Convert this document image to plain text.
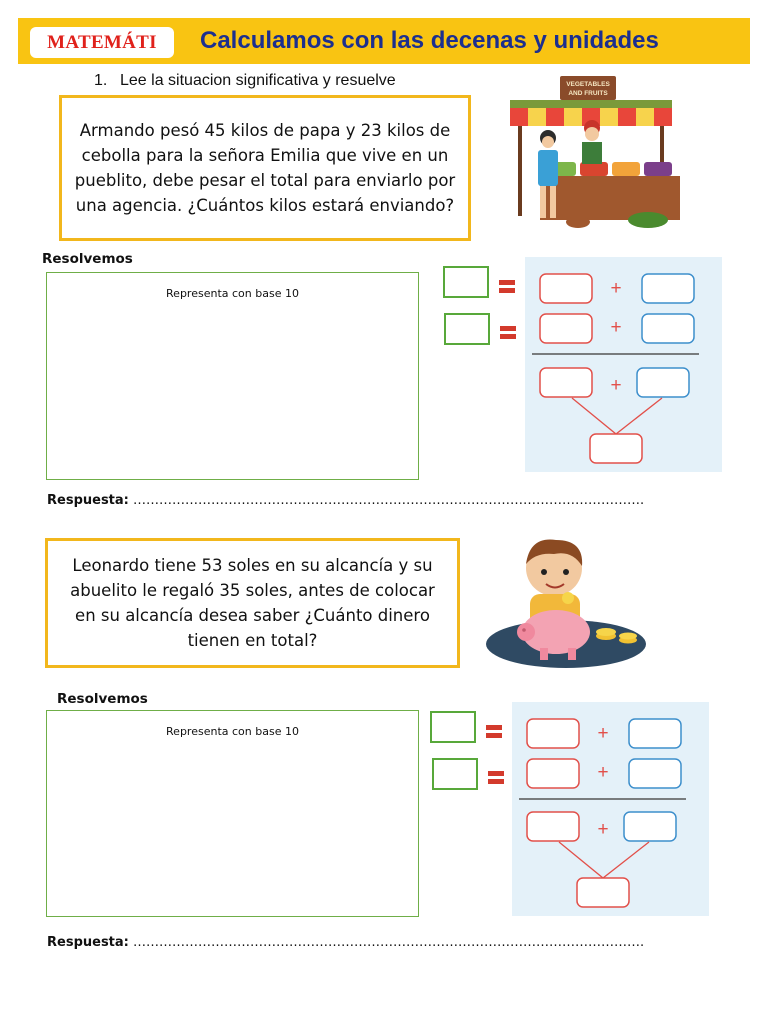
MATEMÁTI	Calculamos con las decenas y unidades
1. Lee la situacion significativa y resuelve
Armando pesó 45 kilos de papa y 23 kilos de cebolla para la señora Emilia que vive en un pueblito, debe pesar el total para enviarlo por una agencia. ¿Cuántos kilos estará enviando?
VEGETABLES
AND FRUITS
Resolvemos
Representa con base 10	+
+
+
Respuesta: ……………………………………………………………………………………………………….
Leonardo tiene 53 soles en su alcancía y su abuelito le regaló 35 soles, antes de colocar en su alcancía desea saber ¿Cuánto dinero tienen en total?
Resolvemos
Representa con base 10	+
+
+
Respuesta: ……………………………………………………………………………………………………….
